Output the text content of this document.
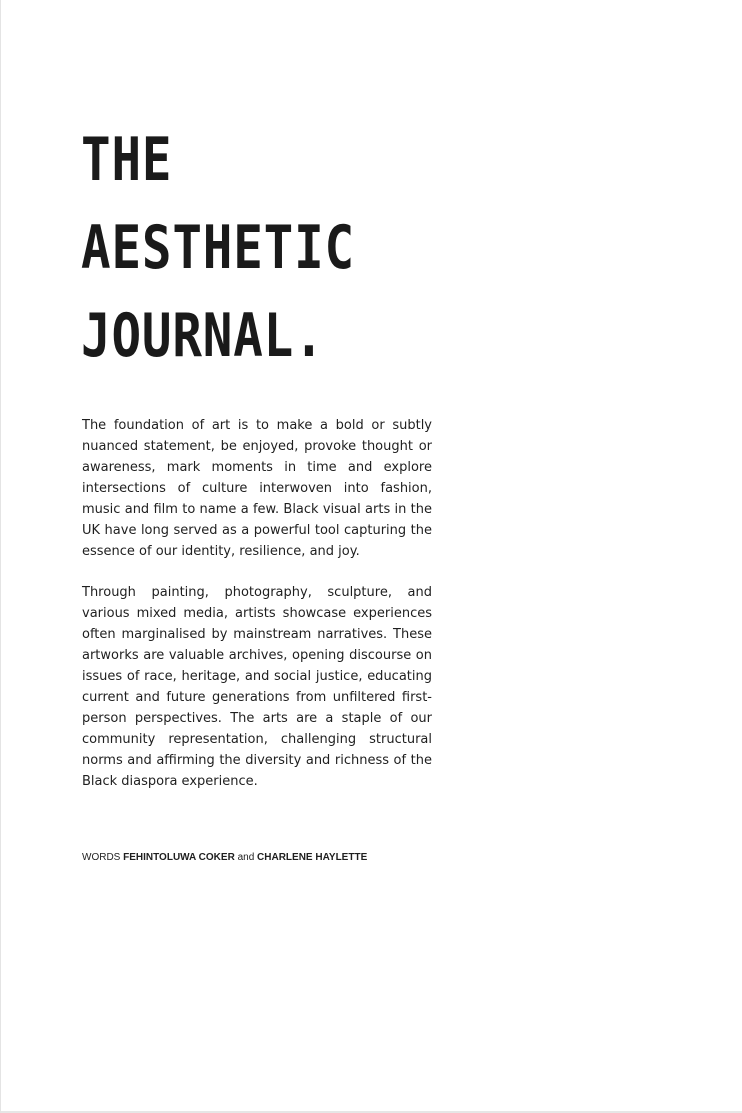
THE
AESTHETIC
JOURNAL.

The foundation of art is to make a bold or subtly nuanced statement, be enjoyed, provoke thought or awareness, mark moments in time and explore intersections of culture interwoven into fashion, music and film to name a few. Black visual arts in the UK have long served as a powerful tool capturing the essence of our identity, resilience, and joy.

Through painting, photography, sculpture, and various mixed media, artists showcase experiences often marginalised by mainstream narratives. These artworks are valuable archives, opening discourse on issues of race, heritage, and social justice, educating current and future generations from unfiltered first-person perspectives. The arts are a staple of our community representation, challenging structural norms and affirming the diversity and richness of the Black diaspora experience.

WORDS FEHINTOLUWA COKER and CHARLENE HAYLETTE
